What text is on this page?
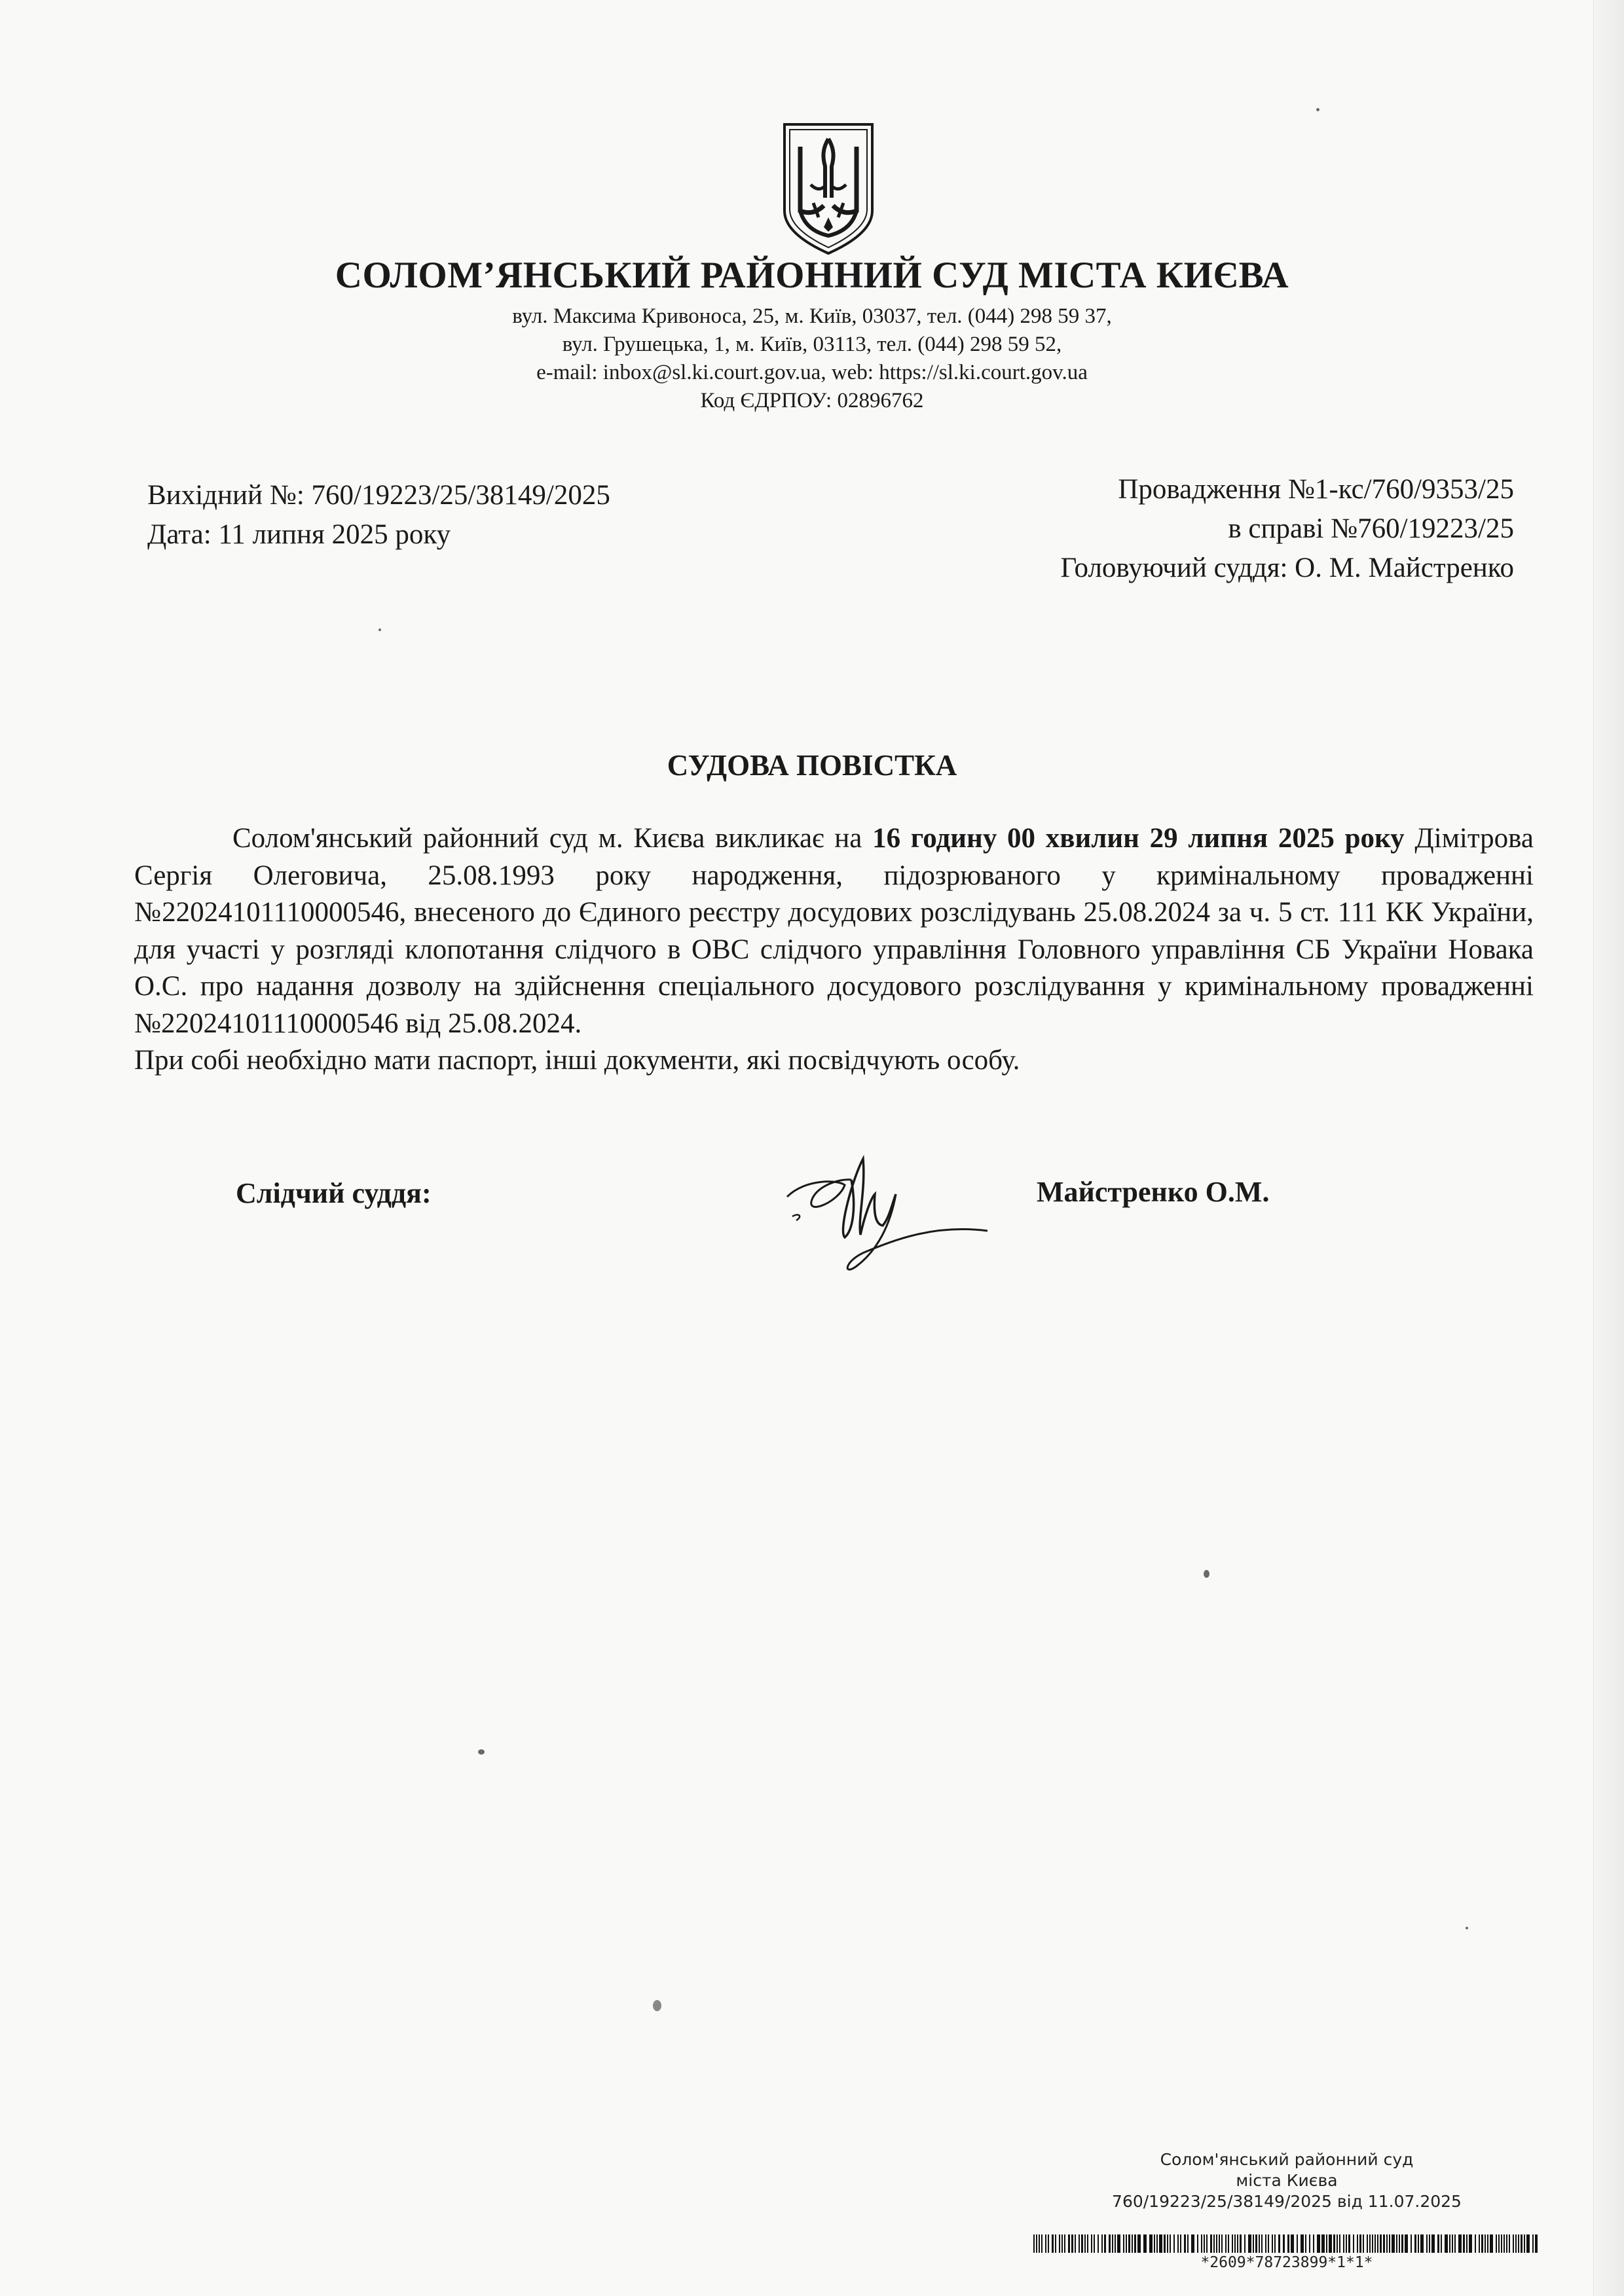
СОЛОМ’ЯНСЬКИЙ РАЙОННИЙ СУД МІСТА КИЄВА
вул. Максима Кривоноса, 25, м. Київ, 03037, тел. (044) 298 59 37,
вул. Грушецька, 1, м. Київ, 03113, тел. (044) 298 59 52,
e-mail: inbox@sl.ki.court.gov.ua, web: https://sl.ki.court.gov.ua
Код ЄДРПОУ: 02896762
Вихідний №: 760/19223/25/38149/2025
Дата: 11 липня 2025 року
Провадження №1-кс/760/9353/25
в справі №760/19223/25
Головуючий суддя: О. М. Майстренко
СУДОВА ПОВІСТКА

Солом'янський районний суд м. Києва викликає на 16 годину 00 хвилин 29 липня 2025 року Дімітрова Сергія Олеговича, 25.08.1993 року народження, підозрюваного у кримінальному провадженні №22024101110000546, внесеного до Єдиного реєстру досудових розслідувань 25.08.2024 за ч. 5 ст. 111 КК України, для участі у розгляді клопотання слідчого в ОВС слідчого управління Головного управління СБ України Новака О.С. про надання дозволу на здійснення спеціального досудового розслідування у кримінальному провадженні №22024101110000546 від 25.08.2024.

При собі необхідно мати паспорт, інші документи, які посвідчують особу.

Слідчий суддя:	Майстренко О.М.
Солом'янський районний суд
міста Києва
760/19223/25/38149/2025 від 11.07.2025
*2609*78723899*1*1*
